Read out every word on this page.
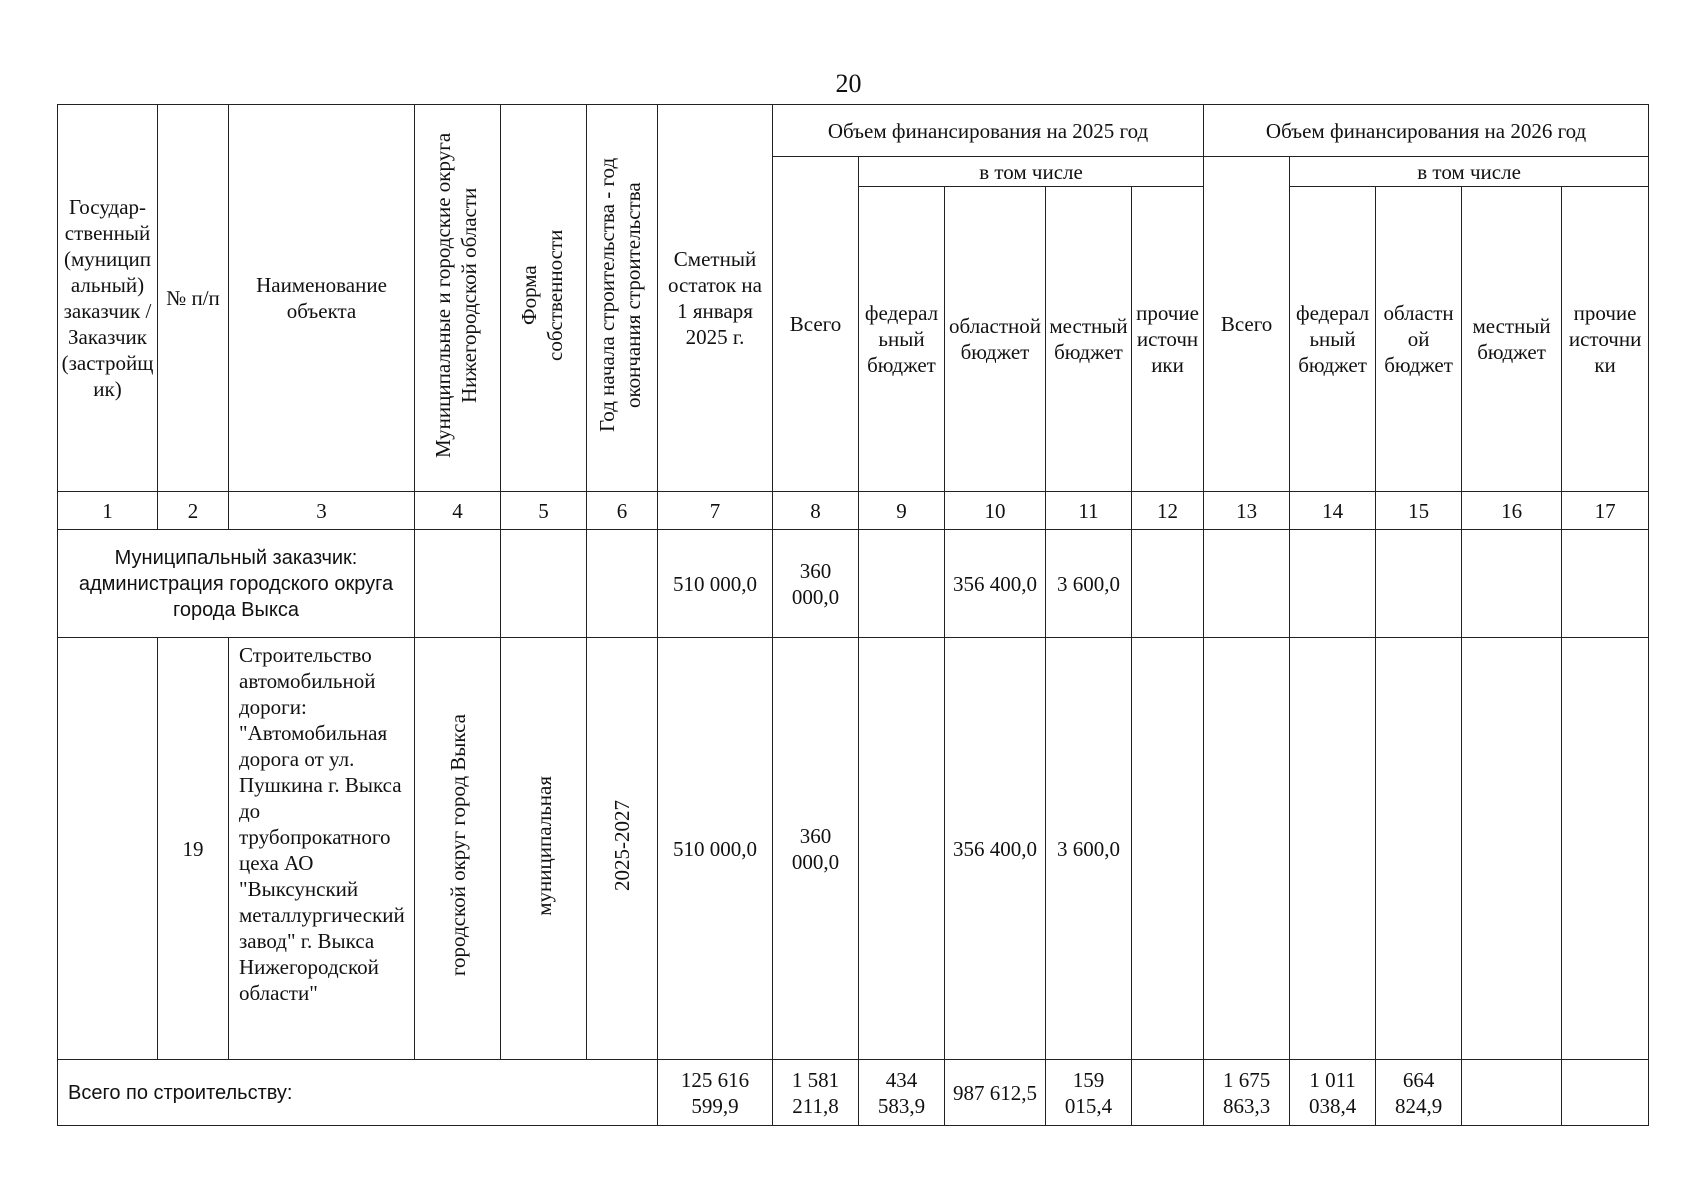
20
Государ-ственный (муниципальный) заказчик / Заказчик (застройщик)	№ п/п	Наименование объекта	Муниципальные и городские округа Нижегородской области	Форма собственности	Год начала строительства - год окончания строительства	Сметный остаток на 1 января 2025 г.	Объем финансирования на 2025 год					Объем финансирования на 2026 год				
							Всего	в том числе				Всего	в том числе			
								федеральный бюджет	областной бюджет	местный бюджет	прочие источники		федеральный бюджет	областной бюджет	местный бюджет	прочие источники
1	2	3	4	5	6	7	8	9	10	11	12	13	14	15	16	17
Муниципальный заказчик: администрация городского округа города Выкса						510 000,0	360 000,0		356 400,0	3 600,0						
	19	Строительство автомобильной дороги: "Автомобильная дорога от ул. Пушкина г. Выкса до трубопрокатного цеха АО "Выксунский металлургический завод" г. Выкса Нижегородской области"	городской округ город Выкса	муниципальная	2025-2027	510 000,0	360 000,0		356 400,0	3 600,0						
Всего по строительству:						125 616 599,9	1 581 211,8	434 583,9	987 612,5	159 015,4		1 675 863,3	1 011 038,4	664 824,9		
